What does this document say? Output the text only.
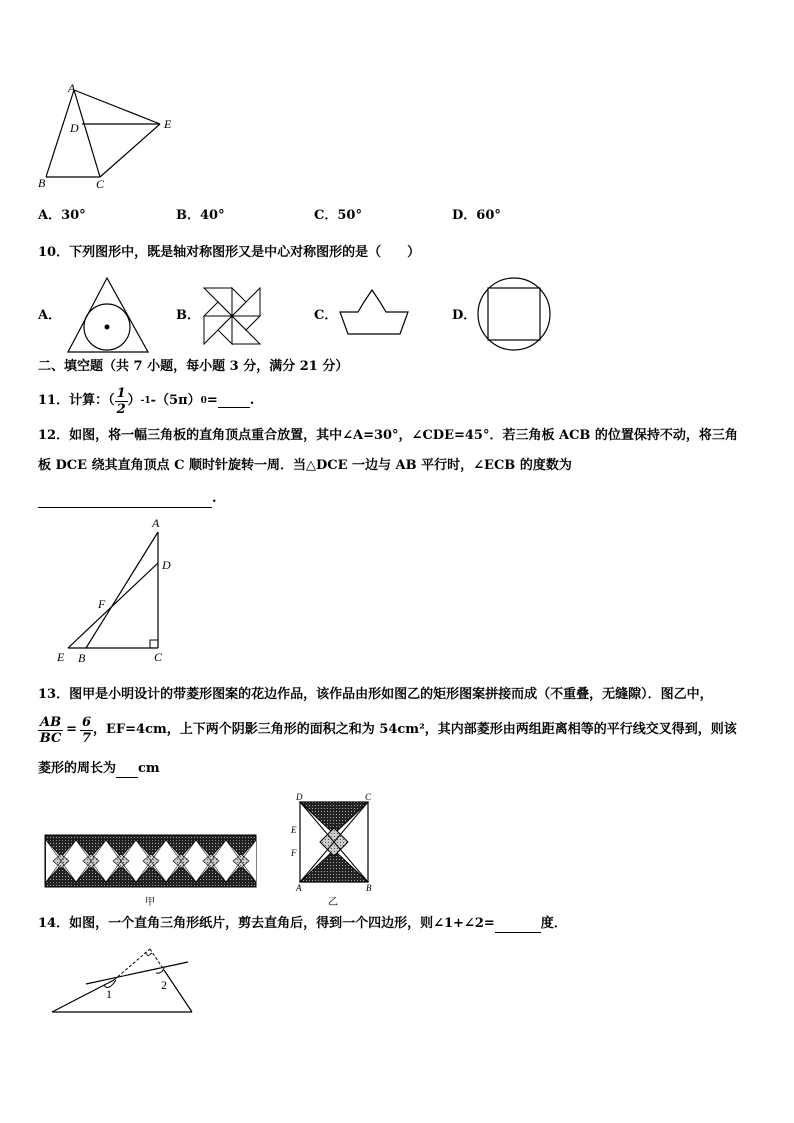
A
D	E
B	C
A．30°	B．40°	C．50°	D．60°
10．下列图形中，既是轴对称图形又是中心对称图形的是（　　）
A．	B．	C．	D．
二、填空题（共 7 小题，每小题 3 分，满分 21 分）
11．计算：（ $\frac{1}{2}$ ） -1 -（5π） 0 = .
12．如图，将一幅三角板的直角顶点重合放置，其中∠A=30°，∠CDE=45°．若三角板 ACB 的位置保持不动，将三角
板 DCE 绕其直角顶点 C 顺时针旋转一周．当△DCE 一边与 AB 平行时，∠ECB 的度数为
.
A
D
F
E B	C
13．图甲是小明设计的带菱形图案的花边作品，该作品由形如图乙的矩形图案拼接而成（不重叠，无缝隙）．图乙中，
$\frac{AB}{BC} = \frac{6}{7}$ ，EF=4cm，上下两个阴影三角形的面积之和为 54cm²，其内部菱形由两组距离相等的平行线交叉得到，则该
菱形的周长为 cm
甲
D	C
E
F
A	B
乙
14．如图，一个直角三角形纸片，剪去直角后，得到一个四边形，则∠1+∠2=	度．
1
2
